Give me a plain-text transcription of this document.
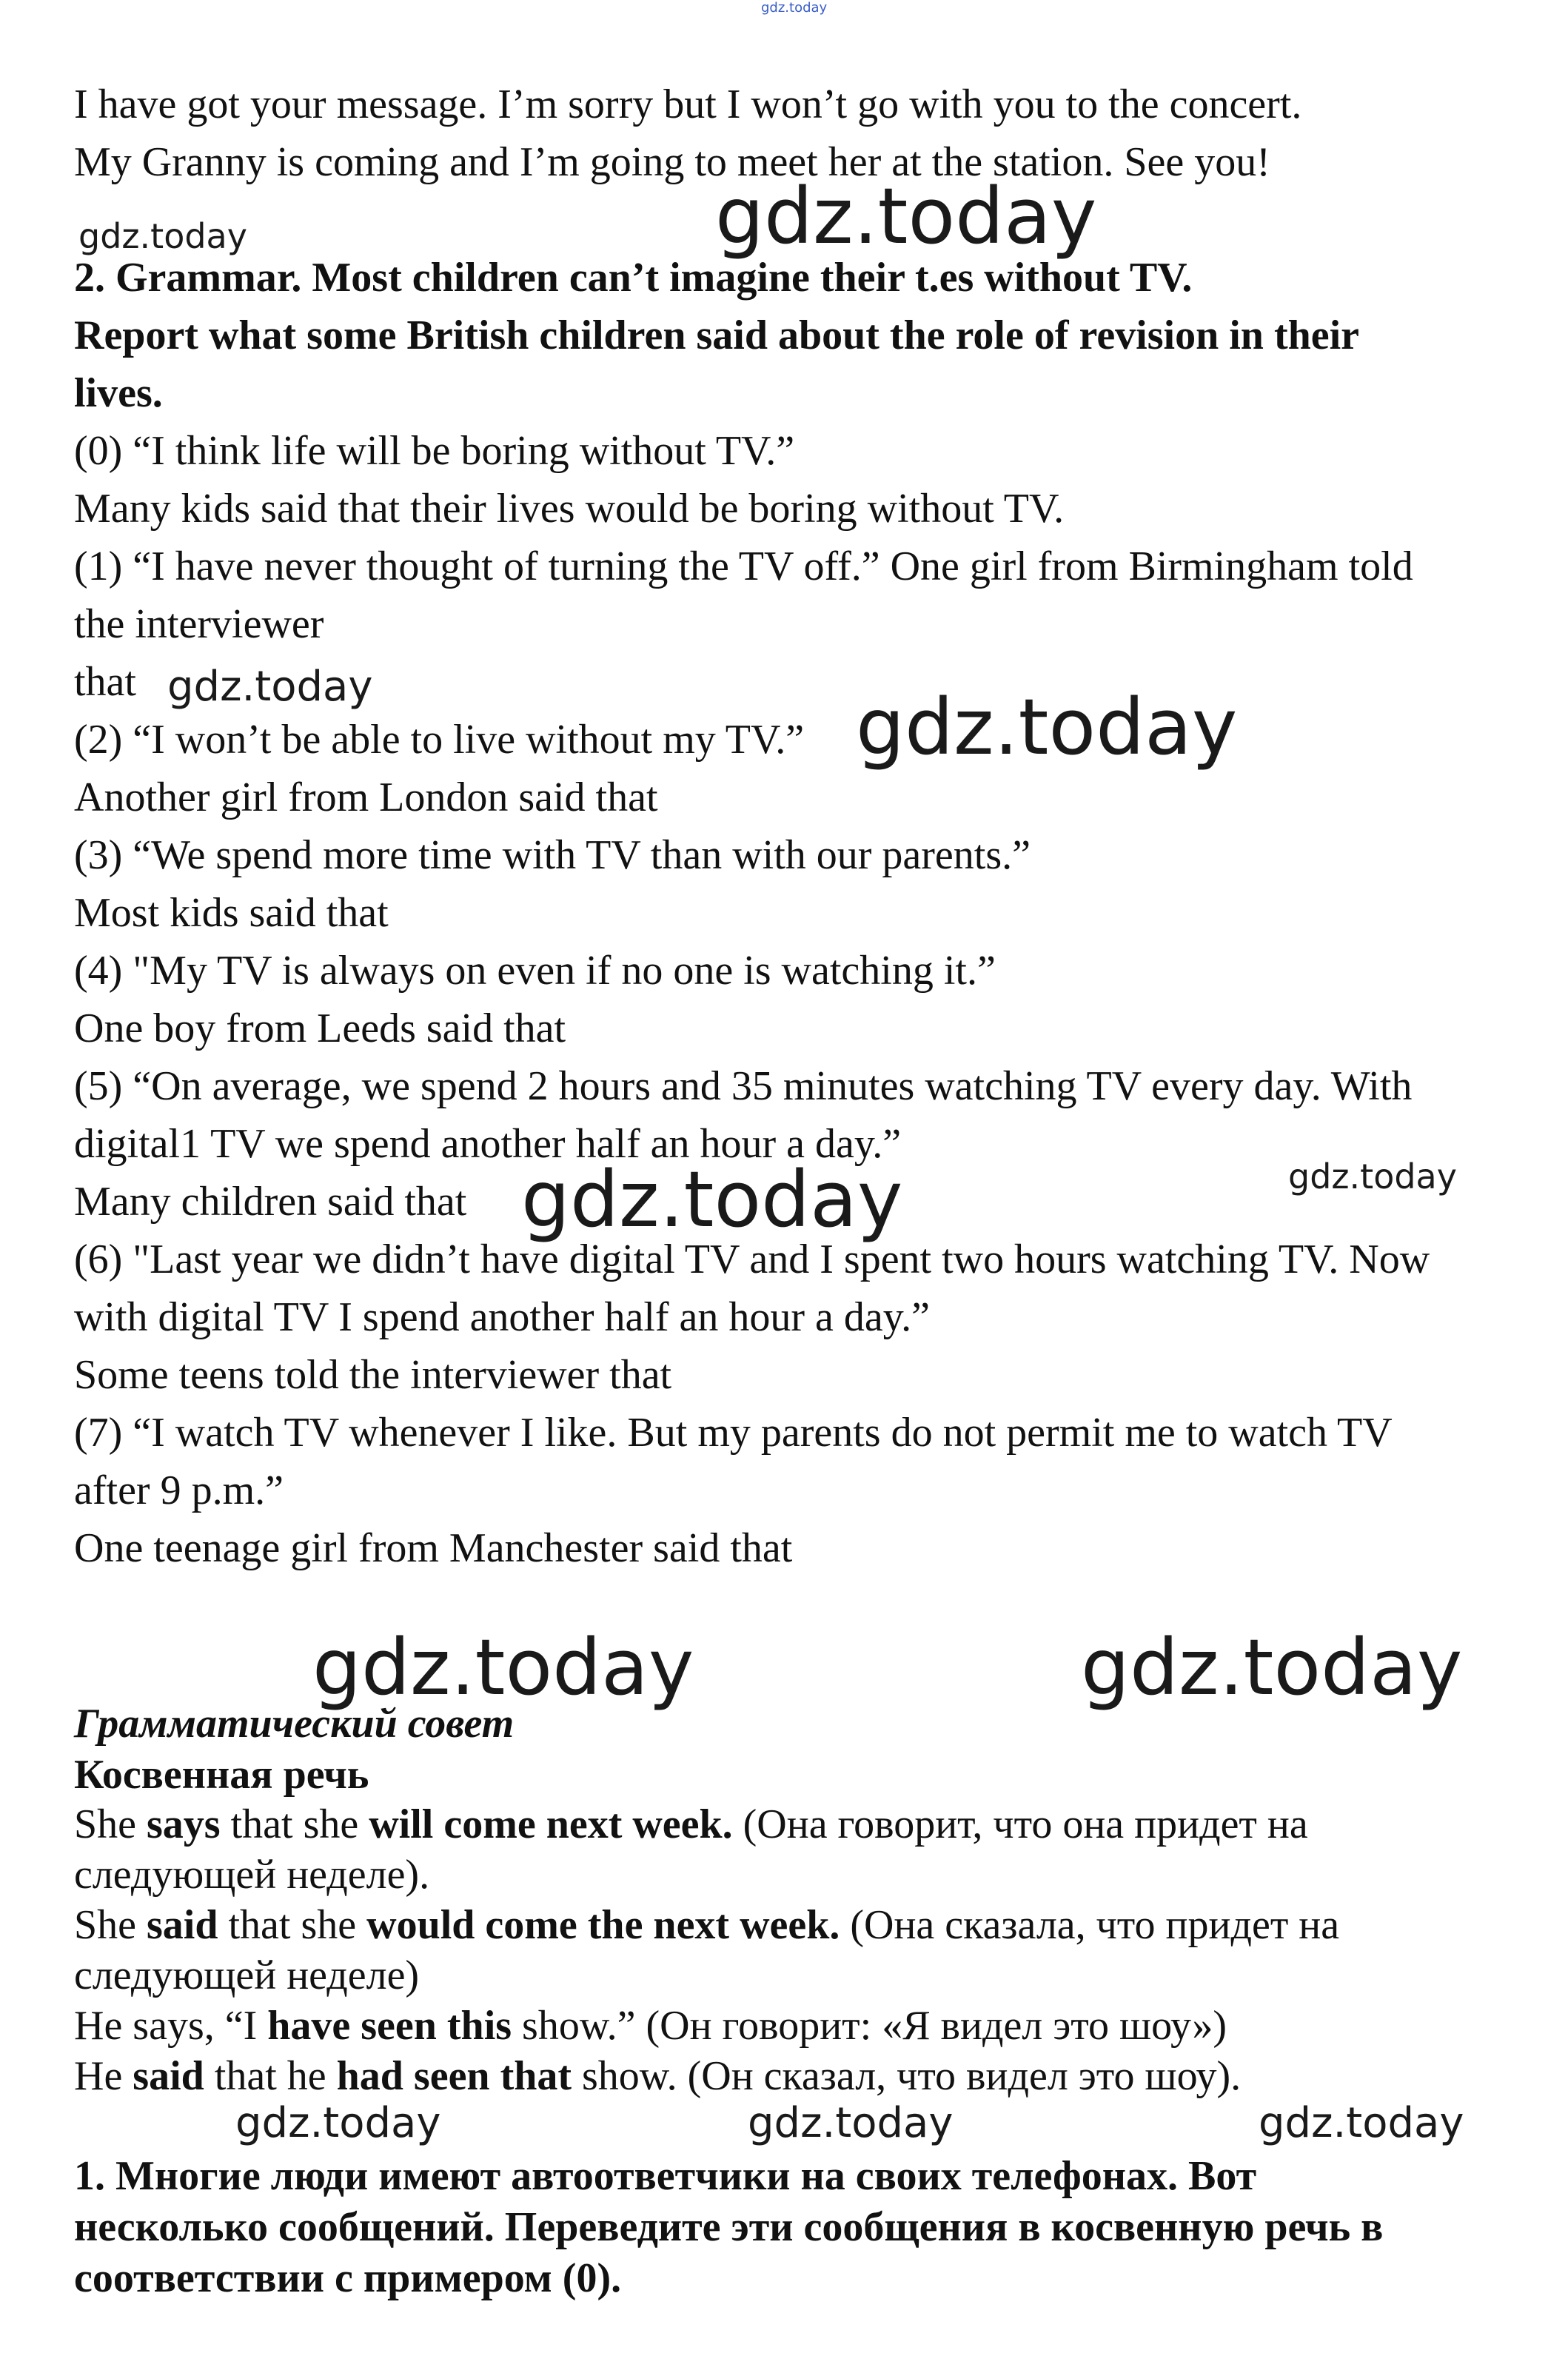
gdz.today
I have got your message. I’m sorry but I won’t go with you to the concert.
My Granny is coming and I’m going to meet her at the station. See you!
2. Grammar. Most children can’t imagine their t.es without TV.
Report what some British children said about the role of revision in their
lives.
(0) “I think life will be boring without TV.”
Many kids said that their lives would be boring without TV.
(1) “I have never thought of turning the TV off.” One girl from Birmingham told
the interviewer
that
(2) “I won’t be able to live without my TV.”
Another girl from London said that
(3) “We spend more time with TV than with our parents.”
Most kids said that
(4) "My TV is always on even if no one is watching it.”
One boy from Leeds said that
(5) “On average, we spend 2 hours and 35 minutes watching TV every day. With
digital1 TV we spend another half an hour a day.”
Many children said that
(6) "Last year we didn’t have digital TV and I spent two hours watching TV. Now
with digital TV I spend another half an hour a day.”
Some teens told the interviewer that
(7) “I watch TV whenever I like. But my parents do not permit me to watch TV
after 9 p.m.”
One teenage girl from Manchester said that
Грамматический совет
Косвенная речь
She says that she will come next week. (Она говорит, что она придет на
следующей неделе).
She said that she would come the next week. (Она сказала, что придет на
следующей неделе)
He says, “I have seen this show.” (Он говорит: «Я видел это шоу»)
He said that he had seen that show. (Он сказал, что видел это шоу).
1. Многие люди имеют автоответчики на своих телефонах. Вот
несколько сообщений. Переведите эти сообщения в косвенную речь в
соответствии с примером (0).
gdz.today
gdz.today
gdz.today	gdz.today
gdz.today	gdz.today
gdz.today	gdz.today
gdz.today	gdz.today	gdz.today
